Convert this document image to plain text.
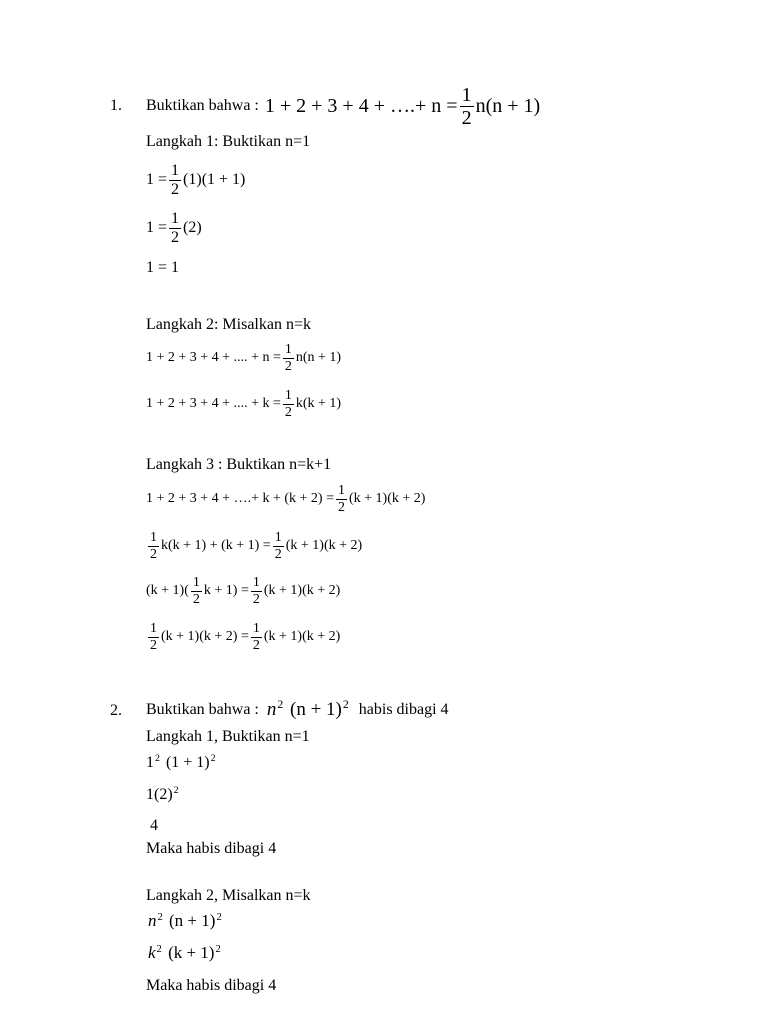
1. Buktikan bahwa : 1 + 2 + 3 + 4 + ….+ $n = \frac{1}{2} n(n + 1)$
Langkah 1: Buktikan n=1
$1 = \frac{1}{2} (1)(1 + 1)$
$1 = \frac{1}{2} (2)$
1 = 1
Langkah 2: Misalkan n=k
1 + 2 + 3 + 4 + .... + $n = \frac{1}{2} n(n + 1)$
1 + 2 + 3 + 4 + .... + $k = \frac{1}{2} k(k + 1)$
Langkah 3 : Buktikan n=k+1
1 + 2 + 3 + 4 + ….+ $k + (k + 2) = \frac{1}{2} (k + 1)(k + 2)$
$\frac{1}{2} k(k + 1) + (k + 1) = \frac{1}{2} (k + 1)(k + 2)$
$(k + 1)( \frac{1}{2}$ $k + 1) = \frac{1}{2} (k + 1)(k + 2)$
$\frac{1}{2} (k + 1)(k + 2) = \frac{1}{2} (k + 1)(k + 2)$
2. Buktikan bahwa : $n^2$ $(n + 1)^2$ habis dibagi 4
Langkah 1, Buktikan n=1
$1^2$ $(1 + 1)^2$
$1(2)^2$
4
Maka habis dibagi 4
Langkah 2, Misalkan n=k
$n^2$ $(n + 1)^2$
$k^2$ $(k + 1)^2$
Maka habis dibagi 4
